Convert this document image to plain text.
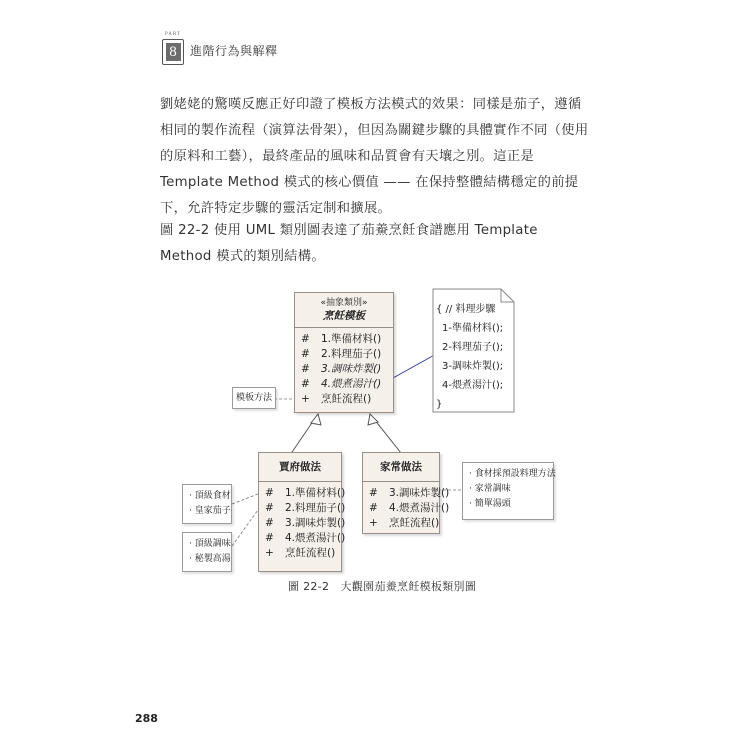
PART
8	進階行為與解釋
劉姥姥的驚嘆反應正好印證了模板方法模式的效果：同樣是茄子，遵循相同的製作流程（演算法骨架），但因為關鍵步驟的具體實作不同（使用的原料和工藝），最終產品的風味和品質會有天壤之別。這正是 Template Method 模式的核心價值 —— 在保持整體結構穩定的前提下，允許特定步驟的靈活定制和擴展。
圖 22-2 使用 UML 類別圖表達了茄鯗烹飪食譜應用 Template Method 模式的類別結構。
«抽象類別»
烹飪模板
#	1.準備材料()
#	2.料理茄子()
#	3.調味炸製()
#	4.煨煮湯汁()
+	烹飪流程()
{ // 料理步驟
1-準備材料();
2-料理茄子();
3-調味炸製();
4-煨煮湯汁();
}
模板方法
賈府做法
#	1.準備材料()
#	2.料理茄子()
#	3.調味炸製()
#	4.煨煮湯汁()
+	烹飪流程()
家常做法
#	3.調味炸製()
#	4.煨煮湯汁()
+	烹飪流程()
· 頂級食材
· 皇家茄子
· 頂級調味
· 秘製高湯
· 食材採預設料理方法
· 家常調味
· 簡單湯頭
圖 22-2　大觀園茄鯗烹飪模板類別圖
288
